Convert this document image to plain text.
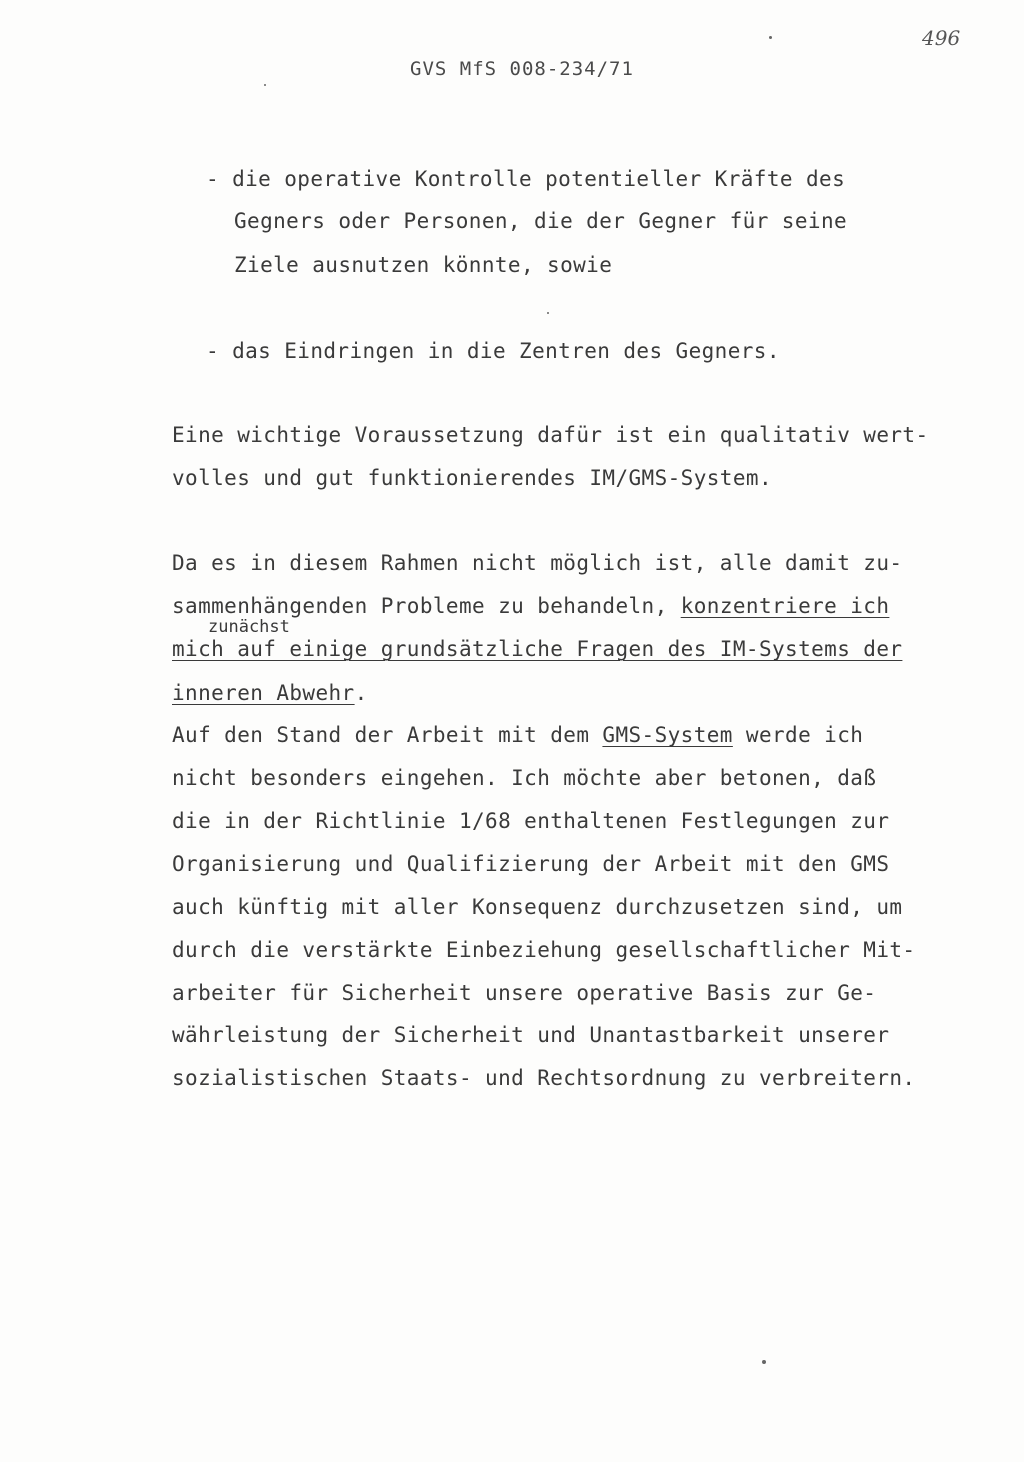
496
GVS MfS 008-234/71
- die operative Kontrolle potentieller Kräfte des
Gegners oder Personen, die der Gegner für seine
Ziele ausnutzen könnte, sowie
- das Eindringen in die Zentren des Gegners.
Eine wichtige Voraussetzung dafür ist ein qualitativ wert-
volles und gut funktionierendes IM/GMS-System.
Da es in diesem Rahmen nicht möglich ist, alle damit zu-
sammenhängenden Probleme zu behandeln, konzentriere ich
zunächst
mich auf einige grundsätzliche Fragen des IM-Systems der
inneren Abwehr.
Auf den Stand der Arbeit mit dem GMS-System werde ich
nicht besonders eingehen. Ich möchte aber betonen, daß
die in der Richtlinie 1/68 enthaltenen Festlegungen zur
Organisierung und Qualifizierung der Arbeit mit den GMS
auch künftig mit aller Konsequenz durchzusetzen sind, um
durch die verstärkte Einbeziehung gesellschaftlicher Mit-
arbeiter für Sicherheit unsere operative Basis zur Ge-
währleistung der Sicherheit und Unantastbarkeit unserer
sozialistischen Staats- und Rechtsordnung zu verbreitern.
